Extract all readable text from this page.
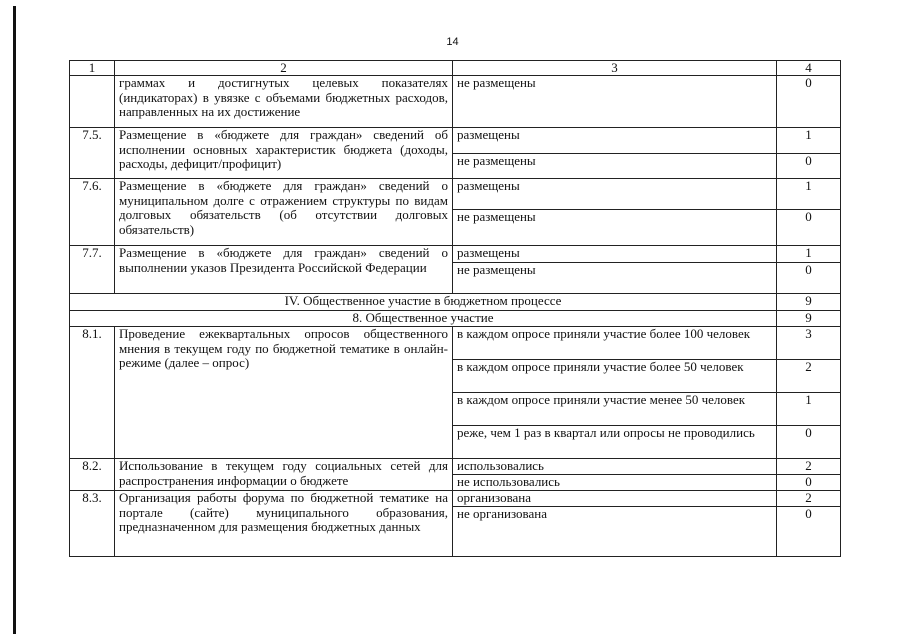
14
1	2	3	4
	граммах и достигнутых целевых показателях (индикаторах) в увязке с объемами бюджетных расходов, направленных на их достижение	не размещены	0
7.5.	Размещение в «бюджете для граждан» сведений об исполнении основных характеристик бюджета (доходы, расходы, дефицит/профицит)	размещены	1
		не размещены	0
7.6.	Размещение в «бюджете для граждан» сведений о муниципальном долге с отражением структуры по видам долговых обязательств (об отсутствии долговых обязательств)	размещены	1
		не размещены	0
7.7.	Размещение в «бюджете для граждан» сведений о выполнении указов Президента Российской Федерации	размещены	1
		не размещены	0
IV. Общественное участие в бюджетном процессе			9
8. Общественное участие			9
8.1.	Проведение ежеквартальных опросов общественного мнения в текущем году по бюджетной тематике в онлайн-режиме (далее – опрос)	в каждом опросе приняли участие более 100 человек	3
		в каждом опросе приняли участие более 50 человек	2
		в каждом опросе приняли участие менее 50 человек	1
		реже, чем 1 раз в квартал или опросы не проводились	0
8.2.	Использование в текущем году социальных сетей для распространения информации о бюджете	использовались	2
		не использовались	0
8.3.	Организация работы форума по бюджетной тематике на портале (сайте) муниципального образования, предназначенном для размещения бюджетных данных	организована	2
		не организована	0
